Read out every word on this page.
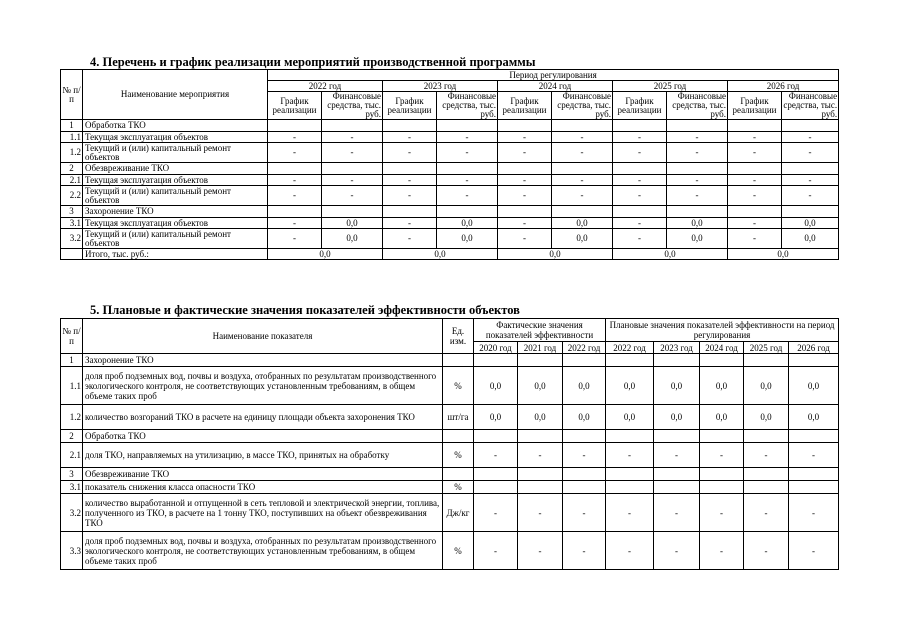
4. Перечень и график реализации мероприятий производственной программы
№ п/п	Наименование мероприятия	Период регулирования									
		2022 год		2023 год		2024 год		2025 год		2026 год	
		График реализации	Финансовые средства, тыс. руб.	График реализации	Финансовые средства, тыс. руб.	График реализации	Финансовые средства, тыс. руб.	График реализации	Финансовые средства, тыс. руб.	График реализации	Финансовые средства, тыс. руб.
1	Обработка ТКО										
1.1	Текущая эксплуатация объектов	-	-	-	-	-	-	-	-	-	-
1.2	Текущий и (или) капитальный ремонт объектов	-	-	-	-	-	-	-	-	-	-
2	Обезвреживание ТКО										
2.1	Текущая эксплуатация объектов	-	-	-	-	-	-	-	-	-	-
2.2	Текущий и (или) капитальный ремонт объектов	-	-	-	-	-	-	-	-	-	-
3	Захоронение ТКО										
3.1	Текущая эксплуатация объектов	-	0,0	-	0,0	-	0,0	-	0,0	-	0,0
3.2	Текущий и (или) капитальный ремонт объектов	-	0,0	-	0,0	-	0,0	-	0,0	-	0,0
	Итого, тыс. руб.:	0,0		0,0		0,0		0,0		0,0	
5. Плановые и фактические значения показателей эффективности объектов
№ п/п	Наименование показателя	Ед. изм.	Фактические значения показателей эффективности			Плановые значения показателей эффективности на период регулирования				
			2020 год	2021 год	2022 год	2022 год	2023 год	2024 год	2025 год	2026 год
1	Захоронение ТКО									
1.1	доля проб подземных вод, почвы и воздуха, отобранных по результатам производственного экологического контроля, не соответствующих установленным требованиям, в общем объеме таких проб	%	0,0	0,0	0,0	0,0	0,0	0,0	0,0	0,0
1.2	количество возгораний ТКО в расчете на единицу площади объекта захоронения ТКО	шт/га	0,0	0,0	0,0	0,0	0,0	0,0	0,0	0,0
2	Обработка ТКО									
2.1	доля ТКО, направляемых на утилизацию, в массе ТКО, принятых на обработку	%	-	-	-	-	-	-	-	-
3	Обезвреживание ТКО									
3.1	показатель снижения класса опасности ТКО	%								
3.2	количество выработанной и отпущенной в сеть тепловой и электрической энергии, топлива, полученного из ТКО, в расчете на 1 тонну ТКО, поступивших на объект обезвреживания ТКО	Дж/кг	-	-	-	-	-	-	-	-
3.3	доля проб подземных вод, почвы и воздуха, отобранных по результатам производственного экологического контроля, не соответствующих установленным требованиям, в общем объеме таких проб	%	-	-	-	-	-	-	-	-
